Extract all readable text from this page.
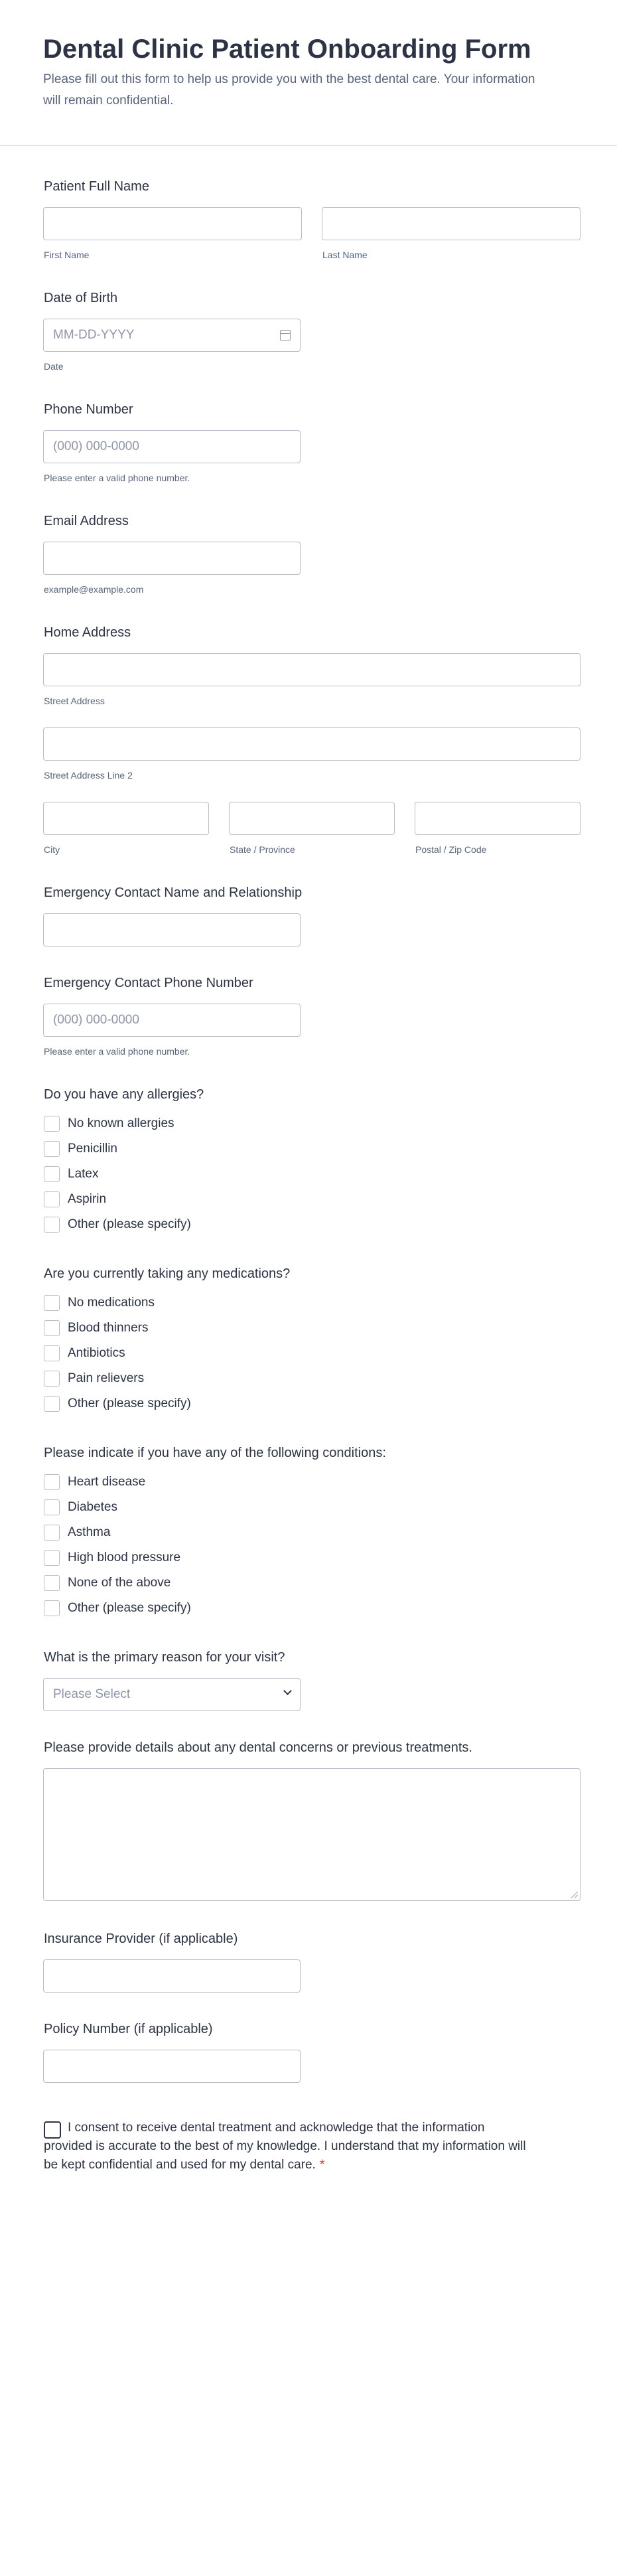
Dental Clinic Patient Onboarding Form
Please fill out this form to help us provide you with the best dental care. Your information will remain confidential.
Patient Full Name
First Name	Last Name
Date of Birth
MM-DD-YYYY
Date
Phone Number
(000) 000-0000
Please enter a valid phone number.
Email Address
example@example.com
Home Address
Street Address
Street Address Line 2
City	State / Province	Postal / Zip Code
Emergency Contact Name and Relationship
Emergency Contact Phone Number
(000) 000-0000
Please enter a valid phone number.
Do you have any allergies?
No known allergies
Penicillin
Latex
Aspirin
Other (please specify)
Are you currently taking any medications?
No medications
Blood thinners
Antibiotics
Pain relievers
Other (please specify)
Please indicate if you have any of the following conditions:
Heart disease
Diabetes
Asthma
High blood pressure
None of the above
Other (please specify)
What is the primary reason for your visit?
Please Select
Please provide details about any dental concerns or previous treatments.
Insurance Provider (if applicable)
Policy Number (if applicable)
I consent to receive dental treatment and acknowledge that the information provided is accurate to the best of my knowledge. I understand that my information will be kept confidential and used for my dental care. *
